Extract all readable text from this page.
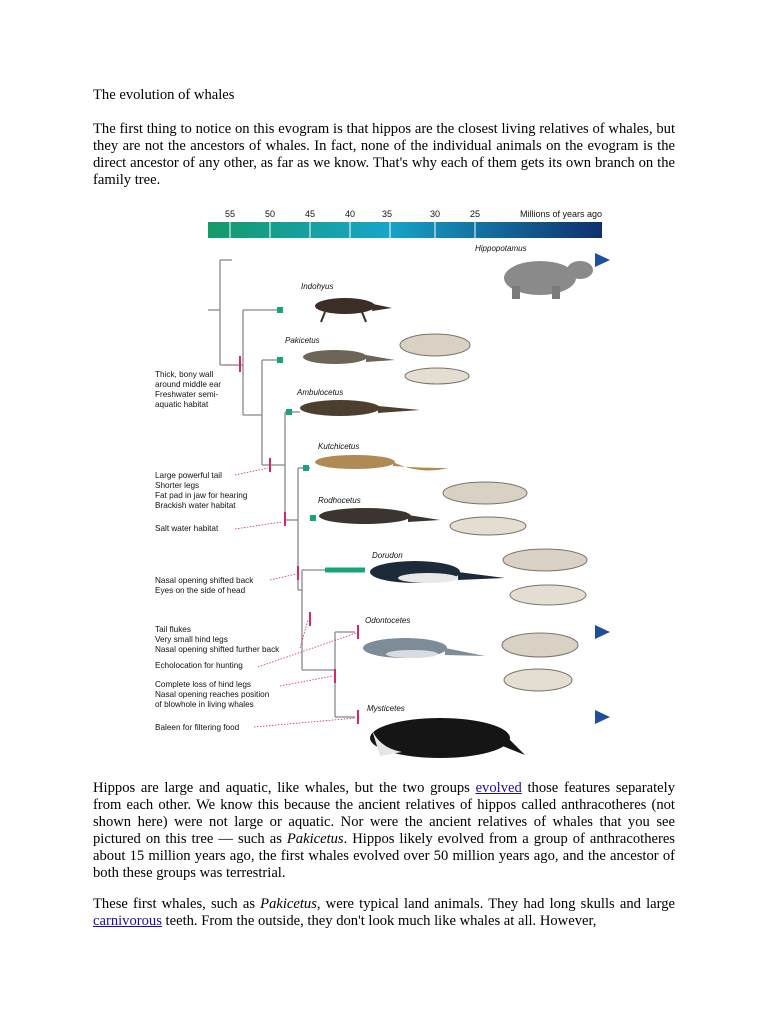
The evolution of whales

The first thing to notice on this evogram is that hippos are the closest living relatives of whales, but they are not the ancestors of whales. In fact, none of the individual animals on the evogram is the direct ancestor of any other, as far as we know. That's why each of them gets its own branch on the family tree.

55	50	45	40	35	30	25	Millions of years ago
Hippopotamus
Indohyus
Pakicetus
Ambulocetus
Kutchicetus
Rodhocetus
Dorudon
Odontocetes
Mysticetes
Thick, bony wall
around middle ear
Freshwater semi-
aquatic habitat
Large powerful tail
Shorter legs
Fat pad in jaw for hearing
Brackish water habitat
Salt water habitat
Nasal opening shifted back
Eyes on the side of head
Tail flukes
Very small hind legs
Nasal opening shifted further back
Echolocation for hunting
Complete loss of hind legs
Nasal opening reaches position
of blowhole in living whales
Baleen for filtering food

Hippos are large and aquatic, like whales, but the two groups evolved those features separately from each other. We know this because the ancient relatives of hippos called anthracotheres (not shown here) were not large or aquatic. Nor were the ancient relatives of whales that you see pictured on this tree — such as Pakicetus. Hippos likely evolved from a group of anthracotheres about 15 million years ago, the first whales evolved over 50 million years ago, and the ancestor of both these groups was terrestrial.

These first whales, such as Pakicetus, were typical land animals. They had long skulls and large carnivorous teeth. From the outside, they don't look much like whales at all. However,
